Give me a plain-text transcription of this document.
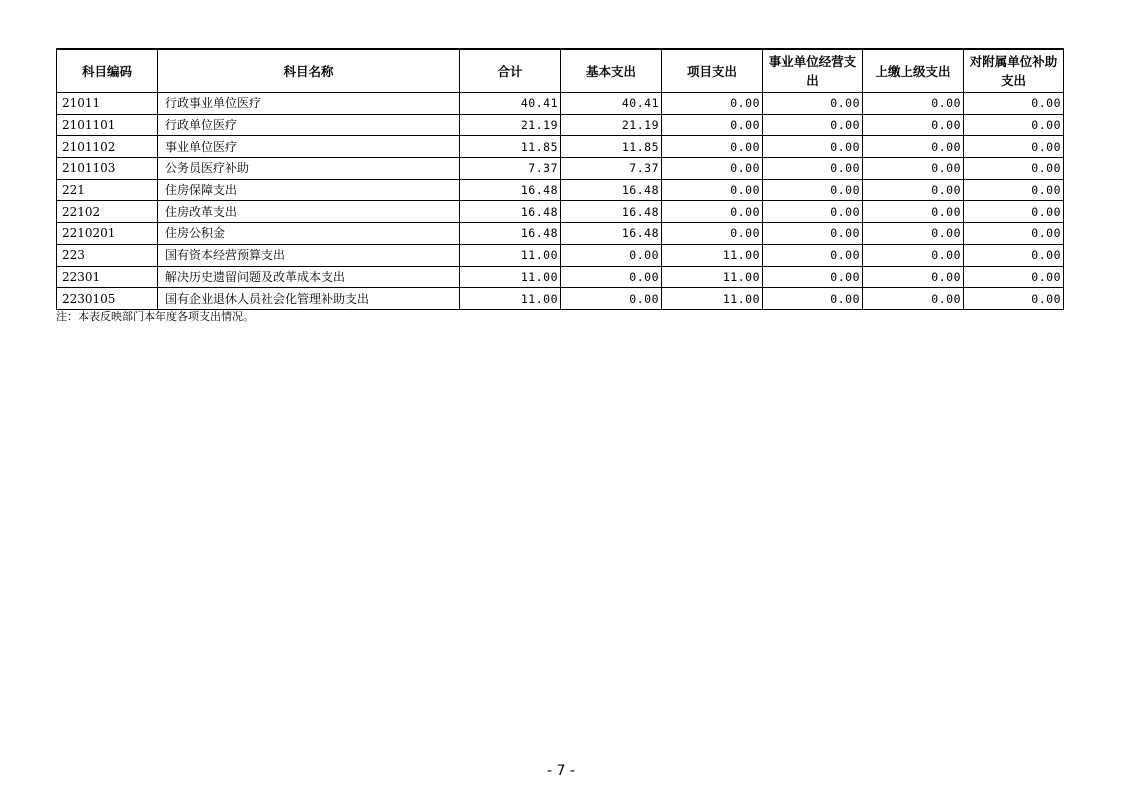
科目编码	科目名称	合计	基本支出	项目支出	事业单位经营支出	上缴上级支出	对附属单位补助支出
21011	行政事业单位医疗	40.41	40.41	0.00	0.00	0.00	0.00
2101101	行政单位医疗	21.19	21.19	0.00	0.00	0.00	0.00
2101102	事业单位医疗	11.85	11.85	0.00	0.00	0.00	0.00
2101103	公务员医疗补助	7.37	7.37	0.00	0.00	0.00	0.00
221	住房保障支出	16.48	16.48	0.00	0.00	0.00	0.00
22102	住房改革支出	16.48	16.48	0.00	0.00	0.00	0.00
2210201	住房公积金	16.48	16.48	0.00	0.00	0.00	0.00
223	国有资本经营预算支出	11.00	0.00	11.00	0.00	0.00	0.00
22301	解决历史遗留问题及改革成本支出	11.00	0.00	11.00	0.00	0.00	0.00
2230105	国有企业退休人员社会化管理补助支出	11.00	0.00	11.00	0.00	0.00	0.00
注：本表反映部门本年度各项支出情况。
- 7 -
